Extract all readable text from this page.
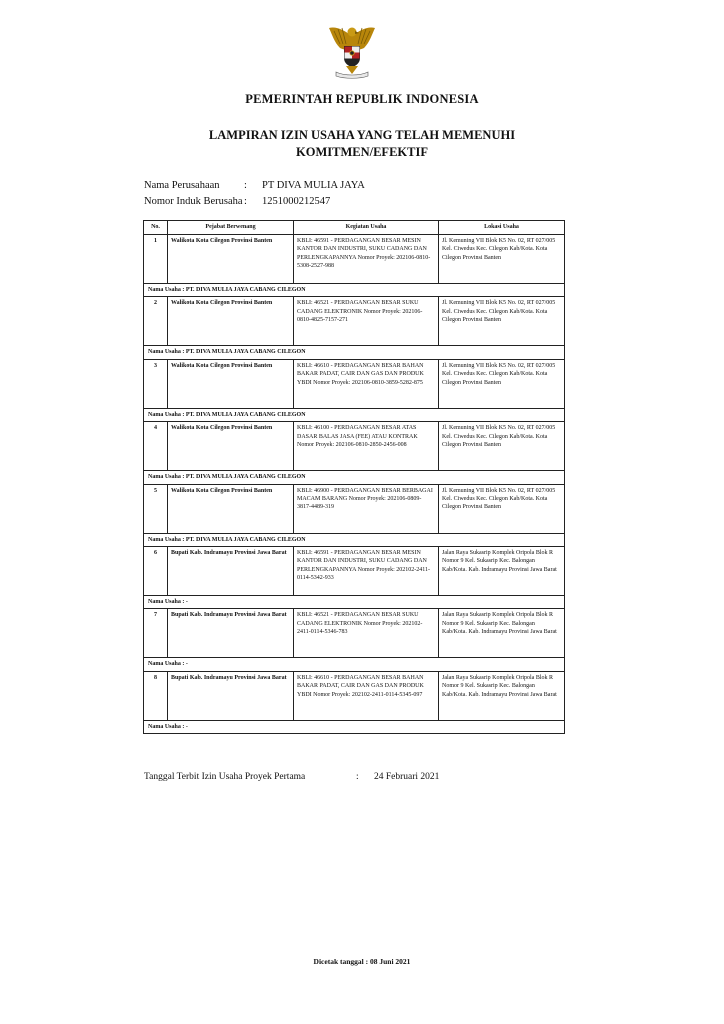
PEMERINTAH REPUBLIK INDONESIA
LAMPIRAN IZIN USAHA YANG TELAH MEMENUHI
KOMITMEN/EFEKTIF
Nama Perusahaan	:	PT DIVA MULIA JAYA
Nomor Induk Berusaha :	1251000212547
No.	Pejabat Berwenang	Kegiatan Usaha	Lokasi Usaha
1	Walikota Kota Cilegon Provinsi Banten	KBLI: 46591 - PERDAGANGAN BESAR MESIN KANTOR DAN INDUSTRI, SUKU CADANG DAN PERLENGKAPANNYA Nomor Proyek: 202106-0810-5308-2527-988	Jl. Kemuning VII Blok K5 No. 02, RT 027/005 Kel. Ciwedus Kec. Cilegon Kab/Kota. Kota Cilegon Provinsi Banten
Nama Usaha : PT. DIVA MULIA JAYA CABANG CILEGON			
2	Walikota Kota Cilegon Provinsi Banten	KBLI: 46521 - PERDAGANGAN BESAR SUKU CADANG ELEKTRONIK Nomor Proyek: 202106-0810-4825-7157-271	Jl. Kemuning VII Blok K5 No. 02, RT 027/005 Kel. Ciwedus Kec. Cilegon Kab/Kota. Kota Cilegon Provinsi Banten
Nama Usaha : PT. DIVA MULIA JAYA CABANG CILEGON			
3	Walikota Kota Cilegon Provinsi Banten	KBLI: 46610 - PERDAGANGAN BESAR BAHAN BAKAR PADAT, CAIR DAN GAS DAN PRODUK YBDI Nomor Proyek: 202106-0810-3859-5282-875	Jl. Kemuning VII Blok K5 No. 02, RT 027/005 Kel. Ciwedus Kec. Cilegon Kab/Kota. Kota Cilegon Provinsi Banten
Nama Usaha : PT. DIVA MULIA JAYA CABANG CILEGON			
4	Walikota Kota Cilegon Provinsi Banten	KBLI: 46100 - PERDAGANGAN BESAR ATAS DASAR BALAS JASA (FEE) ATAU KONTRAK Nomor Proyek: 202106-0810-2850-2456-008	Jl. Kemuning VII Blok K5 No. 02, RT 027/005 Kel. Ciwedus Kec. Cilegon Kab/Kota. Kota Cilegon Provinsi Banten
Nama Usaha : PT. DIVA MULIA JAYA CABANG CILEGON			
5	Walikota Kota Cilegon Provinsi Banten	KBLI: 46900 - PERDAGANGAN BESAR BERBAGAI MACAM BARANG Nomor Proyek: 202106-0809-3817-4489-319	Jl. Kemuning VII Blok K5 No. 02, RT 027/005 Kel. Ciwedus Kec. Cilegon Kab/Kota. Kota Cilegon Provinsi Banten
Nama Usaha : PT. DIVA MULIA JAYA CABANG CILEGON			
6	Bupati Kab. Indramayu Provinsi Jawa Barat	KBLI: 46591 - PERDAGANGAN BESAR MESIN KANTOR DAN INDUSTRI, SUKU CADANG DAN PERLENGKAPANNYA Nomor Proyek: 202102-2411-0114-5342-933	Jalan Raya Sukasrip Komplek Oripola Blok R Nomor 9 Kel. Sukasrip Kec. Balongan Kab/Kota. Kab. Indramayu Provinsi Jawa Barat
Nama Usaha : -			
7	Bupati Kab. Indramayu Provinsi Jawa Barat	KBLI: 46521 - PERDAGANGAN BESAR SUKU CADANG ELEKTRONIK Nomor Proyek: 202102-2411-0114-5346-783	Jalan Raya Sukasrip Komplek Oripola Blok R Nomor 9 Kel. Sukasrip Kec. Balongan Kab/Kota. Kab. Indramayu Provinsi Jawa Barat
Nama Usaha : -			
8	Bupati Kab. Indramayu Provinsi Jawa Barat	KBLI: 46610 - PERDAGANGAN BESAR BAHAN BAKAR PADAT, CAIR DAN GAS DAN PRODUK YBDI Nomor Proyek: 202102-2411-0114-5345-097	Jalan Raya Sukasrip Komplek Oripola Blok R Nomor 9 Kel. Sukasrip Kec. Balongan Kab/Kota. Kab. Indramayu Provinsi Jawa Barat
Nama Usaha : -			
Tanggal Terbit Izin Usaha Proyek Pertama	:	24 Februari 2021
Dicetak tanggal : 08 Juni 2021
